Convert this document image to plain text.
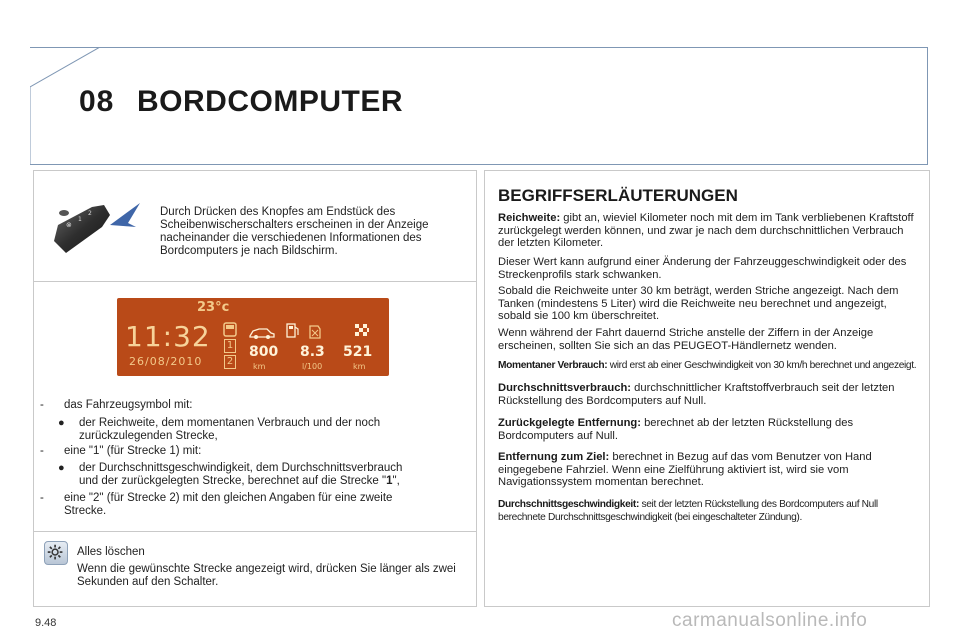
08 BORDCOMPUTER
⊗
1
2	Durch Drücken des Knopfes am Endstück des Scheibenwischerschalters erscheinen in der Anzeige nacheinander die verschiedenen Informationen des Bordcomputers je nach Bildschirm.
23°c
11:32
26/08/2010
1
2
800
km
8.3
l/100
521
km
- das Fahrzeugsymbol mit:
● der Reichweite, dem momentanen Verbrauch und der noch
zurückzulegenden Strecke,
- eine "1" (für Strecke 1) mit:
● der Durchschnittsgeschwindigkeit, dem Durchschnittsverbrauch
und der zurückgelegten Strecke, berechnet auf die Strecke "1",
- eine "2" (für Strecke 2) mit den gleichen Angaben für eine zweite
Strecke.
Alles löschen
Wenn die gewünschte Strecke angezeigt wird, drücken Sie länger als zwei Sekunden auf den Schalter.
BEGRIFFSERLÄUTERUNGEN
Reichweite: gibt an, wieviel Kilometer noch mit dem im Tank verbliebenen Kraftstoff zurückgelegt werden können, und zwar je nach dem durchschnittlichen Verbrauch der letzten Kilometer.
Dieser Wert kann aufgrund einer Änderung der Fahrzeuggeschwindigkeit oder des Streckenprofils stark schwanken.
Sobald die Reichweite unter 30 km beträgt, werden Striche angezeigt. Nach dem Tanken (mindestens 5 Liter) wird die Reichweite neu berechnet und angezeigt, sobald sie 100 km überschreitet.
Wenn während der Fahrt dauernd Striche anstelle der Ziffern in der Anzeige erscheinen, sollten Sie sich an das PEUGEOT-Händlernetz wenden.
Momentaner Verbrauch: wird erst ab einer Geschwindigkeit von 30 km/h berechnet und angezeigt.
Durchschnittsverbrauch: durchschnittlicher Kraftstoffverbrauch seit der letzten Rückstellung des Bordcomputers auf Null.
Zurückgelegte Entfernung: berechnet ab der letzten Rückstellung des Bordcomputers auf Null.
Entfernung zum Ziel: berechnet in Bezug auf das vom Benutzer von Hand eingegebene Fahrziel. Wenn eine Zielführung aktiviert ist, wird sie vom Navigationssystem momentan berechnet.
Durchschnittsgeschwindigkeit: seit der letzten Rückstellung des Bordcomputers auf Null berechnete Durchschnittsgeschwindigkeit (bei eingeschalteter Zündung).
9.48	carmanualsonline.info
